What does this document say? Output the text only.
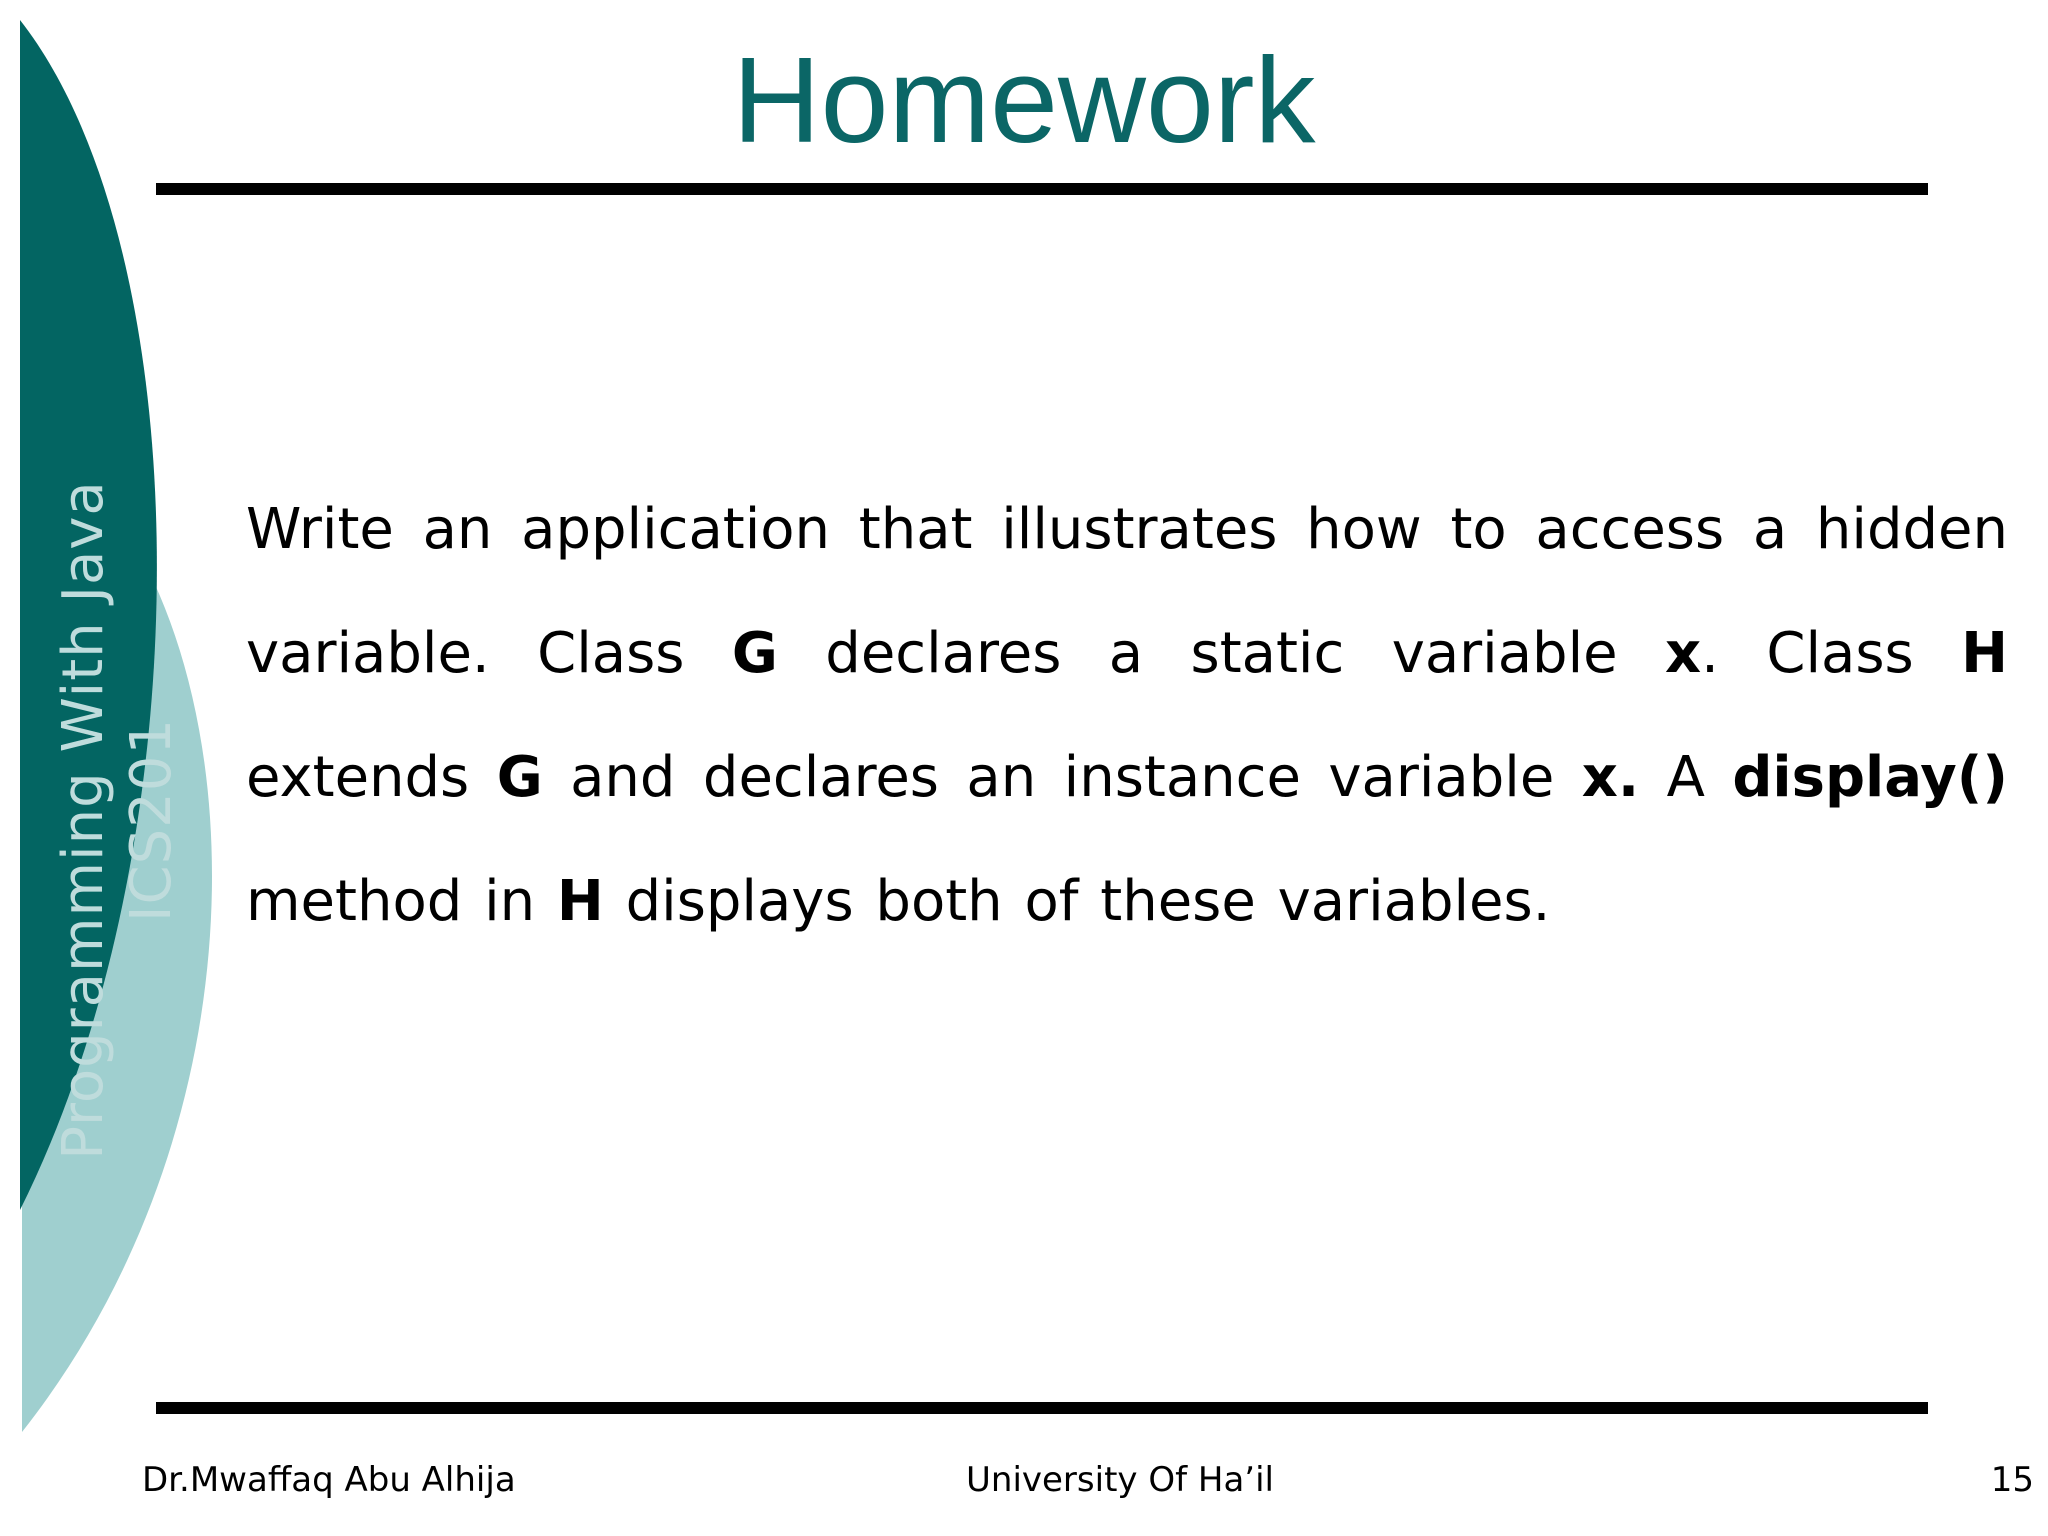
Programming With Java ICS201
Homework

Write an application that illustrates how to access a hidden variable. Class G declares a static variable x. Class H extends G and declares an instance variable x. A display() method in H displays both of these variables.

Dr.Mwaffaq Abu Alhija	University Of Ha’il	15
